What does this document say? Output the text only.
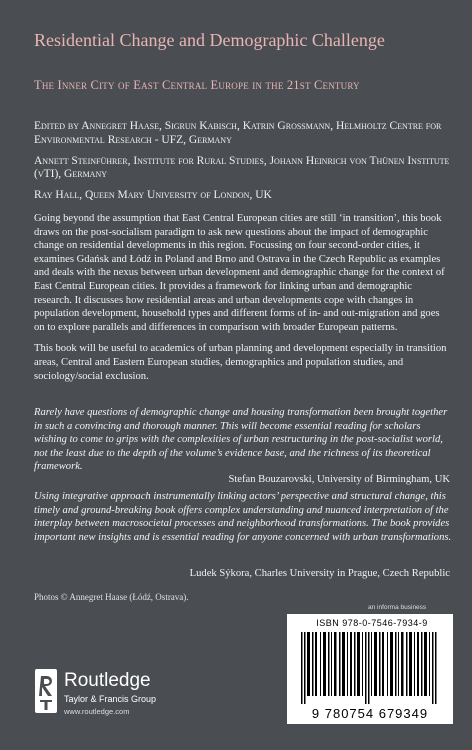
Residential Change and Demographic Challenge
The Inner City of East Central Europe in the 21st Century

Edited by Annegret Haase, Sigrun Kabisch, Katrin Grossmann, Helmholtz Centre for Environmental Research - UFZ, Germany

Annett Steinführer, Institute for Rural Studies, Johann Heinrich von Thünen Institute (vTI), Germany

Ray Hall, Queen Mary University of London, UK

Going beyond the assumption that East Central European cities are still ‘in transition’, this book draws on the post-socialism paradigm to ask new questions about the impact of demographic change on residential developments in this region. Focussing on four second-order cities, it examines Gdańsk and Łódź in Poland and Brno and Ostrava in the Czech Republic as examples and deals with the nexus between urban development and demographic change for the context of East Central European cities. It provides a framework for linking urban and demographic research. It discusses how residential areas and urban developments cope with changes in population development, household types and different forms of in- and out-migration and goes on to explore parallels and differences in comparison with broader European patterns.

This book will be useful to academics of urban planning and development especially in transition areas, Central and Eastern European studies, demographics and population studies, and sociology/social exclusion.

Rarely have questions of demographic change and housing transformation been brought together in such a convincing and thorough manner. This will become essential reading for scholars wishing to come to grips with the complexities of urban restructuring in the post-socialist world, not the least due to the depth of the volume’s evidence base, and the richness of its theoretical framework.
Stefan Bouzarovski, University of Birmingham, UK
Using integrative approach instrumentally linking actors’ perspective and structural change, this timely and ground-breaking book offers complex understanding and nuanced interpretation of the interplay between macrosocietal processes and neighborhood transformations. The book provides important new insights and is essential reading for anyone concerned with urban transformations.
Ludek Sýkora, Charles University in Prague, Czech Republic
Photos © Annegret Haase (Łódź, Ostrava).
Routledge
Taylor & Francis Group
www.routledge.com
an informa business
ISBN 978-0-7546-7934-9
9 780754 679349
